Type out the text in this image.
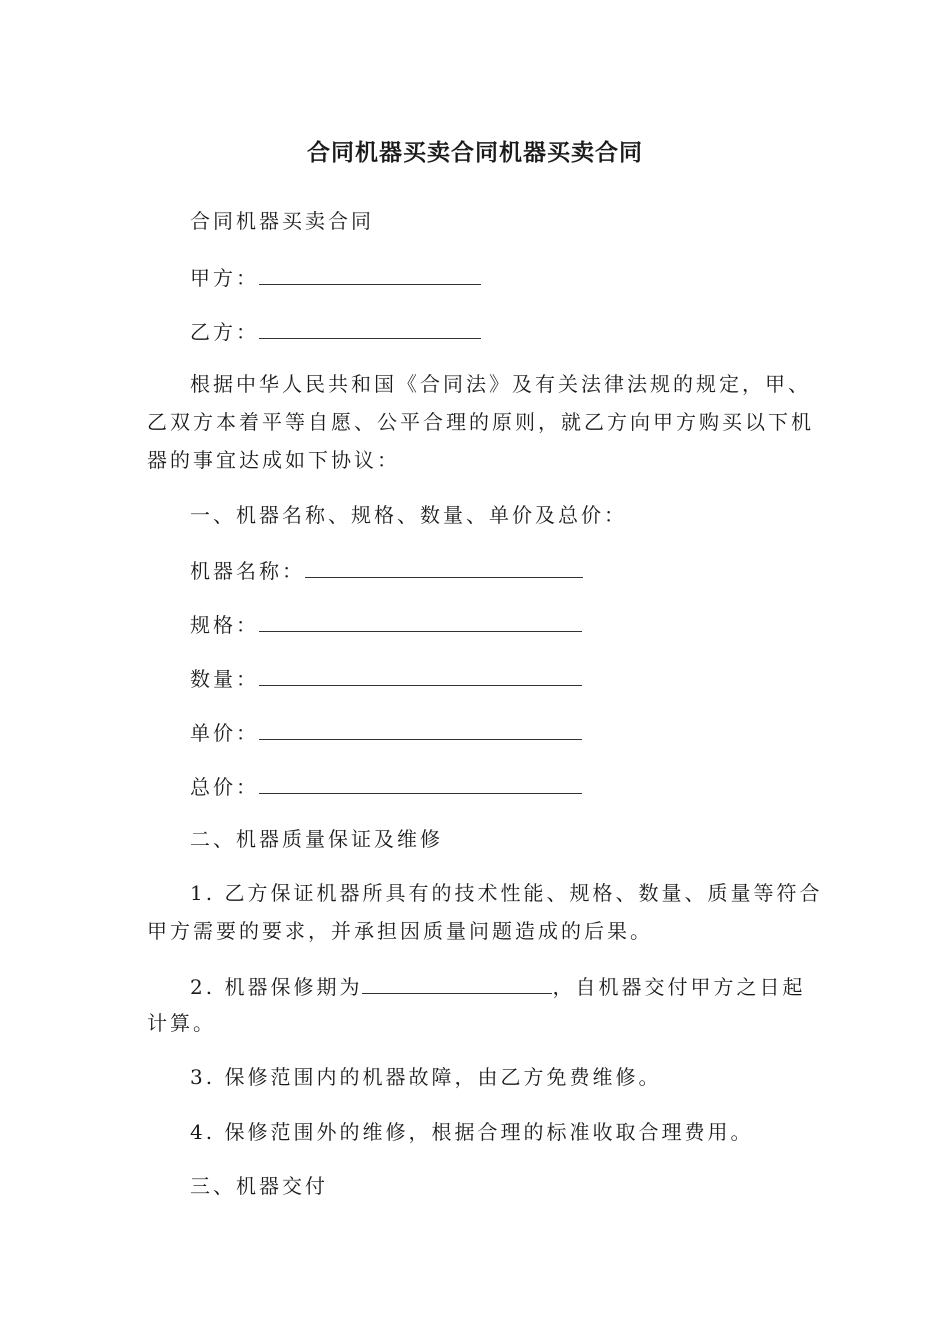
合同机器买卖合同机器买卖合同
合同机器买卖合同
甲方：
乙方：
根据中华人民共和国《合同法》及有关法律法规的规定，甲、
乙双方本着平等自愿、公平合理的原则，就乙方向甲方购买以下机
器的事宜达成如下协议：
一、机器名称、规格、数量、单价及总价：
机器名称：
规格：
数量：
单价：
总价：
二、机器质量保证及维修
1. 乙方保证机器所具有的技术性能、规格、数量、质量等符合
甲方需要的要求，并承担因质量问题造成的后果。
2. 机器保修期为	，自机器交付甲方之日起
计算。
3. 保修范围内的机器故障，由乙方免费维修。
4. 保修范围外的维修，根据合理的标准收取合理费用。
三、机器交付
